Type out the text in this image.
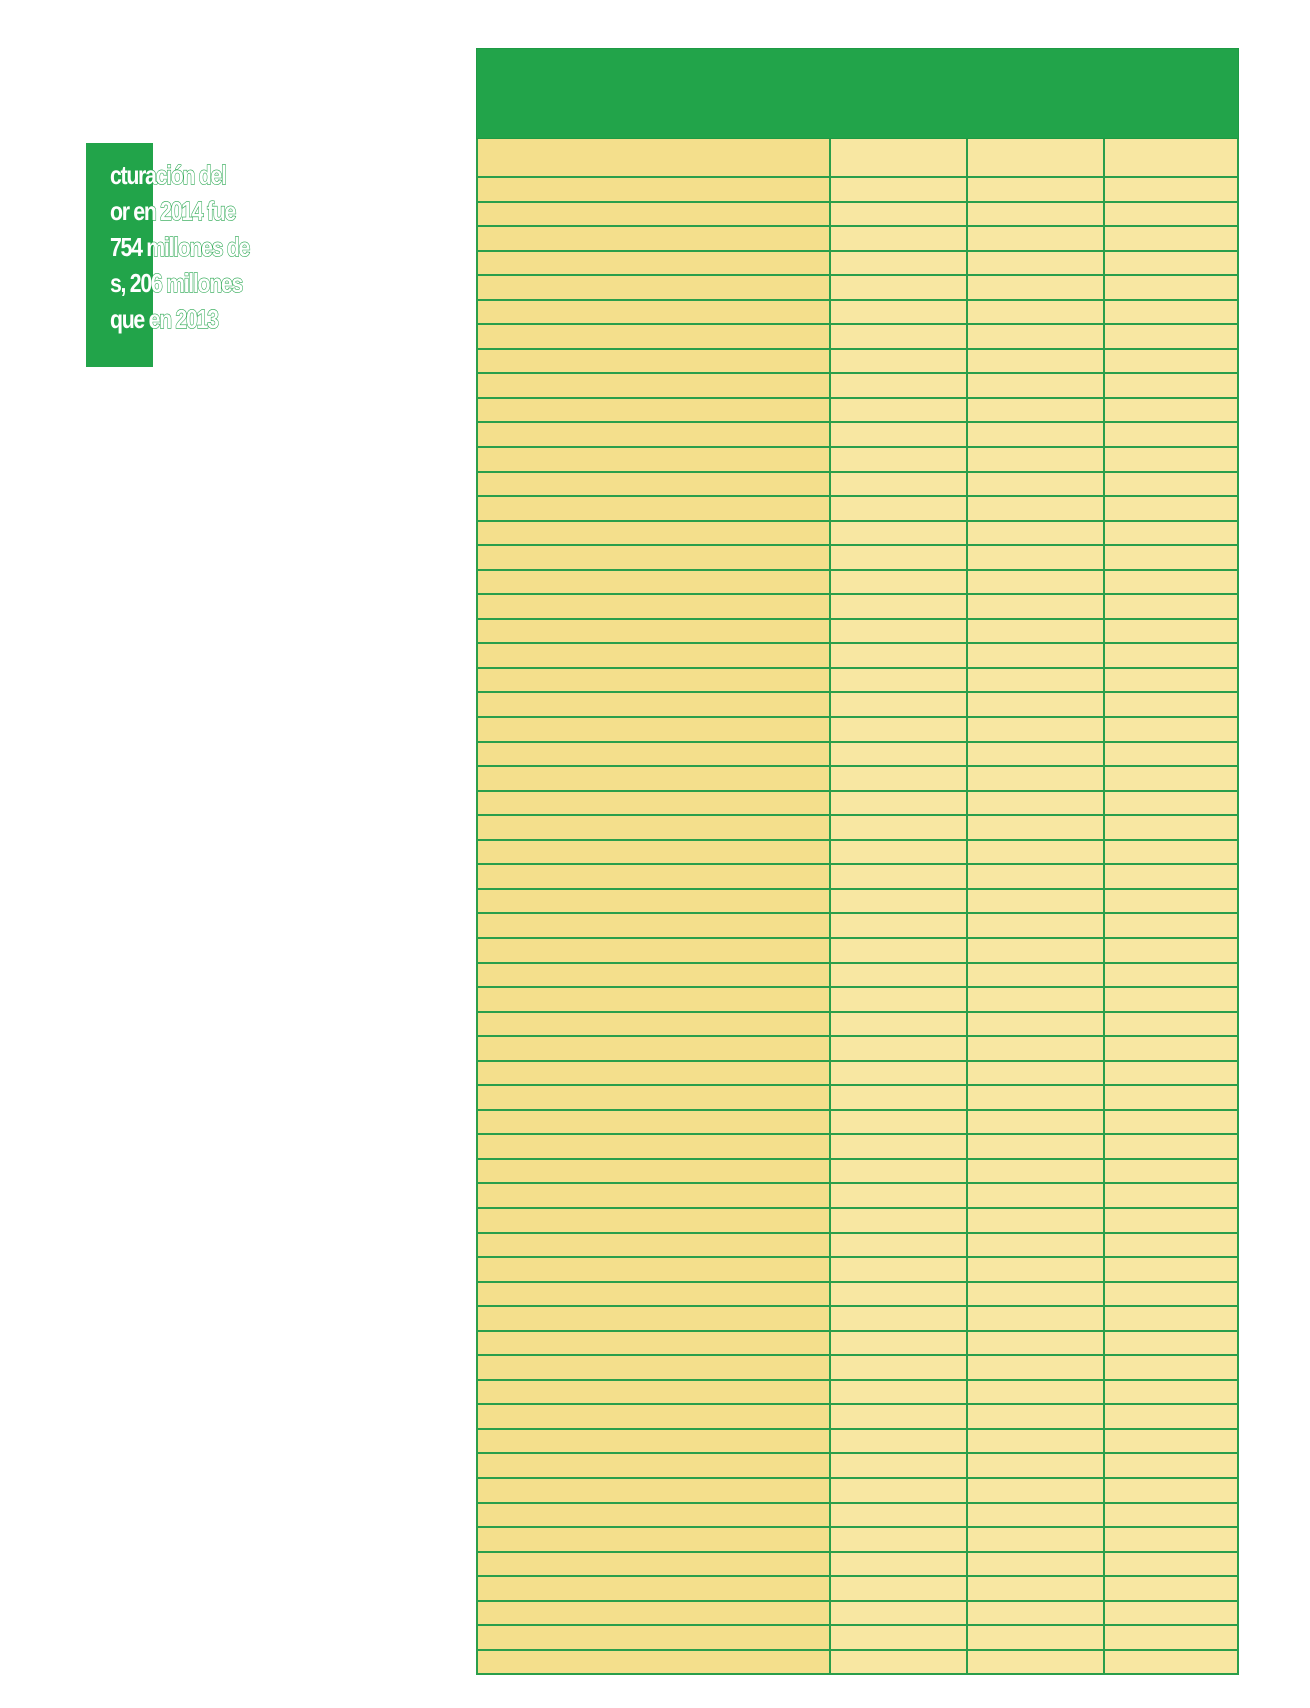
cturación del
or en 2014 fue
754 millones de
s, 206 millones
que en 2013
